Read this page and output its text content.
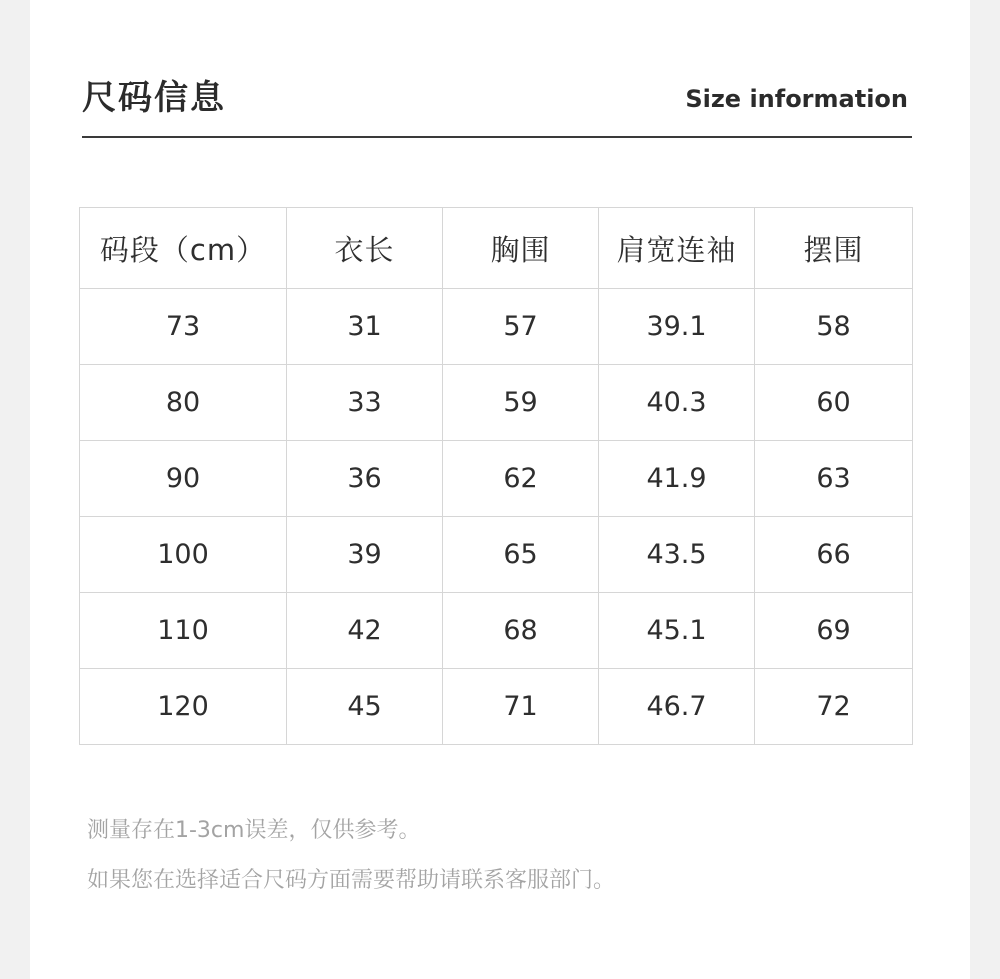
尺码信息	Size information
码段（cm）	衣长	胸围	肩宽连袖	摆围
73	31	57	39.1	58
80	33	59	40.3	60
90	36	62	41.9	63
100	39	65	43.5	66
110	42	68	45.1	69
120	45	71	46.7	72
测量存在1-3cm误差，仅供参考。
如果您在选择适合尺码方面需要帮助请联系客服部门。
